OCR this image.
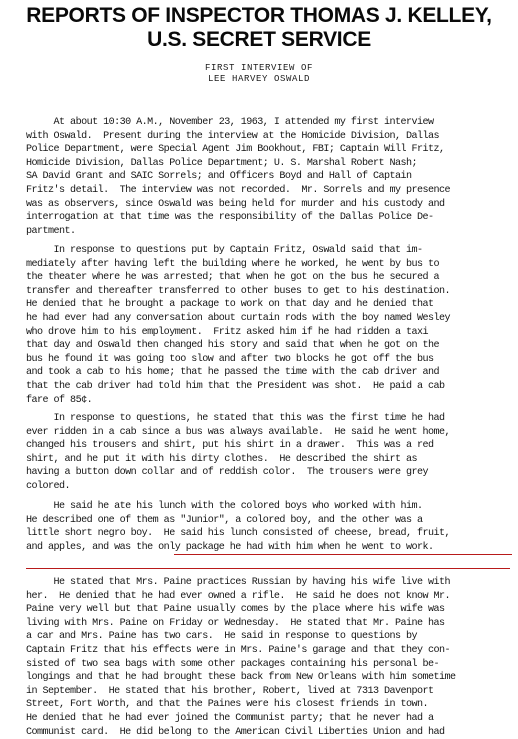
REPORTS OF INSPECTOR THOMAS J. KELLEY,
U.S. SECRET SERVICE
FIRST INTERVIEW OF
LEE HARVEY OSWALD
At about 10:30 A.M., November 23, 1963, I attended my first interview
with Oswald.  Present during the interview at the Homicide Division, Dallas
Police Department, were Special Agent Jim Bookhout, FBI; Captain Will Fritz,
Homicide Division, Dallas Police Department; U. S. Marshal Robert Nash;
SA David Grant and SAIC Sorrels; and Officers Boyd and Hall of Captain
Fritz's detail.  The interview was not recorded.  Mr. Sorrels and my presence
was as observers, since Oswald was being held for murder and his custody and
interrogation at that time was the responsibility of the Dallas Police De-
partment.
In response to questions put by Captain Fritz, Oswald said that im-
mediately after having left the building where he worked, he went by bus to
the theater where he was arrested; that when he got on the bus he secured a
transfer and thereafter transferred to other buses to get to his destination.
He denied that he brought a package to work on that day and he denied that
he had ever had any conversation about curtain rods with the boy named Wesley
who drove him to his employment.  Fritz asked him if he had ridden a taxi
that day and Oswald then changed his story and said that when he got on the
bus he found it was going too slow and after two blocks he got off the bus
and took a cab to his home; that he passed the time with the cab driver and
that the cab driver had told him that the President was shot.  He paid a cab
fare of 85¢.
In response to questions, he stated that this was the first time he had
ever ridden in a cab since a bus was always available.  He said he went home,
changed his trousers and shirt, put his shirt in a drawer.  This was a red
shirt, and he put it with his dirty clothes.  He described the shirt as
having a button down collar and of reddish color.  The trousers were grey
colored.
He said he ate his lunch with the colored boys who worked with him.
He described one of them as "Junior", a colored boy, and the other was a
little short negro boy.  He said his lunch consisted of cheese, bread, fruit,
and apples, and was the only package he had with him when he went to work.
He stated that Mrs. Paine practices Russian by having his wife live with
her.  He denied that he had ever owned a rifle.  He said he does not know Mr.
Paine very well but that Paine usually comes by the place where his wife was
living with Mrs. Paine on Friday or Wednesday.  He stated that Mr. Paine has
a car and Mrs. Paine has two cars.  He said in response to questions by
Captain Fritz that his effects were in Mrs. Paine's garage and that they con-
sisted of two sea bags with some other packages containing his personal be-
longings and that he had brought these back from New Orleans with him sometime
in September.  He stated that his brother, Robert, lived at 7313 Davenport
Street, Fort Worth, and that the Paines were his closest friends in town.
He denied that he had ever joined the Communist party; that he never had a
Communist card.  He did belong to the American Civil Liberties Union and had
